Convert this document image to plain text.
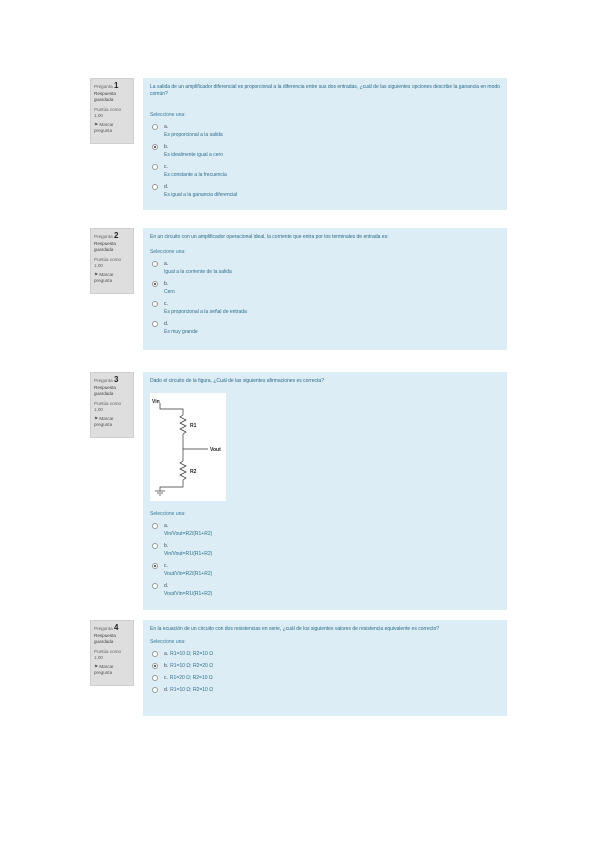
Pregunta 1
Respuesta guardada
Puntúa como 1,00
⚑ Marcar pregunta
La salida de un amplificador diferencial es proporcional a la diferencia entre sus dos entradas, ¿cuál de las siguientes opciones describe la ganancia en modo común?
Seleccione una:
a.
Es proporcional a la salida
b.
Es idealmente igual a cero
c.
Es constante a la frecuencia
d.
Es igual a la ganancia diferencial
Pregunta 2
Respuesta guardada
Puntúa como 1,00
⚑ Marcar pregunta
En un circuito con un amplificador operacional ideal, la corriente que entra por los terminales de entrada es:
Seleccione una:
a.
Igual a la corriente de la salida
b.
Cero
c.
Es proporcional a la señal de entrada
d.
Es muy grande
Pregunta 3
Respuesta guardada
Puntúa como 1,00
⚑ Marcar pregunta
Dado el circuito de la figura, ¿Cuál de las siguientes afirmaciones es correcta?
Vin
R1
Vout
R2
Seleccione una:
a.
Vin/Vout=R2/(R1+R2)
b.
Vin/Vout=R1/(R1+R2)
c.
Vout/Vin=R2/(R1+R2)
d.
Vout/Vin=R1/(R1+R2)
Pregunta 4
Respuesta guardada
Puntúa como 1,00
⚑ Marcar pregunta
En la ecuación de un circuito con dos resistencias en serie, ¿cuál de los siguientes valores de resistencia equivalente es correcto?
Seleccione una:
a. R1=10 Ω; R2=10 Ω
b. R1=10 Ω; R2=20 Ω
c. R1=20 Ω; R2=10 Ω
d. R1=10 Ω; R2=10 Ω
